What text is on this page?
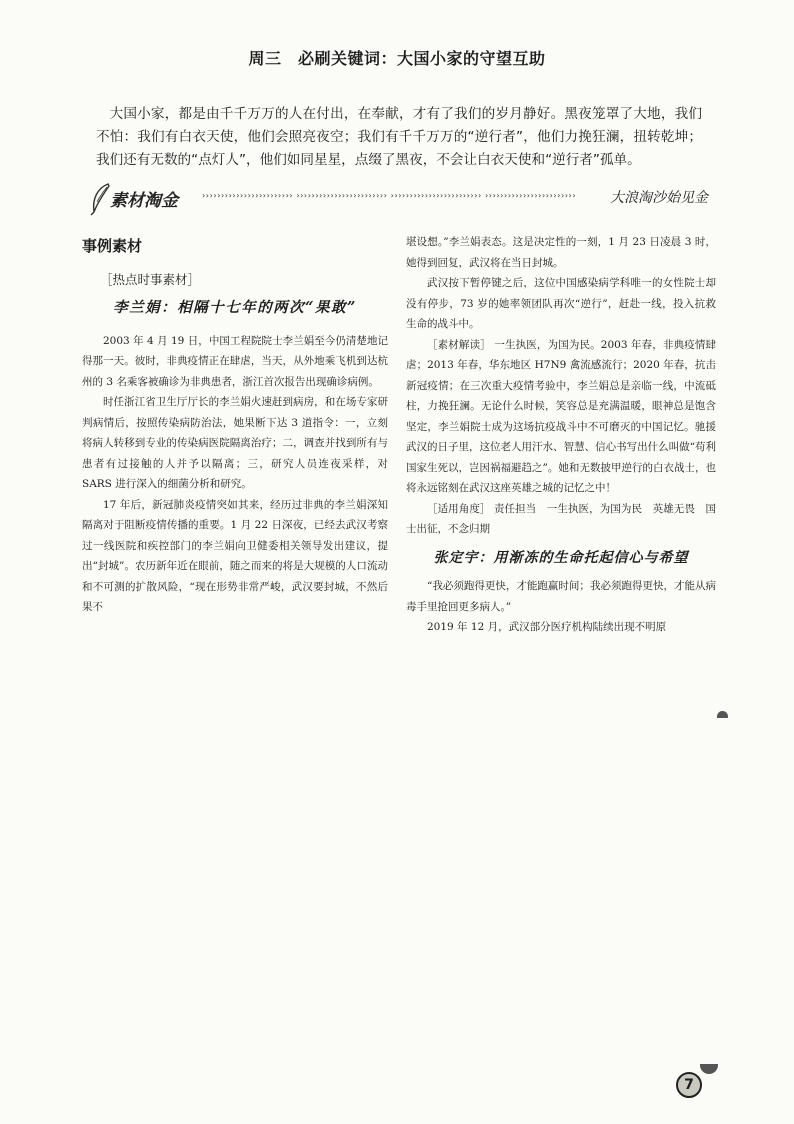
周三　必刷关键词：大国小家的守望互助
大国小家，都是由千千万万的人在付出，在奉献，才有了我们的岁月静好。黑夜笼罩了大地，我们不怕：我们有白衣天使，他们会照亮夜空；我们有千千万万的“逆行者”，他们力挽狂澜，扭转乾坤；我们还有无数的“点灯人”，他们如同星星，点缀了黑夜，不会让白衣天使和“逆行者”孤单。
素材淘金	›››››››››››››››››››››››› ›››››››››››››››››››››››› ›››››››››››››››››››››››› ›››››››››››››››››››››››› 大浪淘沙始见金
事例素材
［热点时事素材］
李兰娟：相隔十七年的两次“果敢”

2003 年 4 月 19 日，中国工程院院士李兰娟至今仍清楚地记得那一天。彼时，非典疫情正在肆虐，当天，从外地乘飞机到达杭州的 3 名乘客被确诊为非典患者，浙江首次报告出现确诊病例。

时任浙江省卫生厅厅长的李兰娟火速赶到病房，和在场专家研判病情后，按照传染病防治法，她果断下达 3 道指令：一，立刻将病人转移到专业的传染病医院隔离治疗；二，调查并找到所有与患者有过接触的人并予以隔离；三，研究人员连夜采样，对 SARS 进行深入的细菌分析和研究。

17 年后，新冠肺炎疫情突如其来，经历过非典的李兰娟深知隔离对于阻断疫情传播的重要。1 月 22 日深夜，已经去武汉考察过一线医院和疾控部门的李兰娟向卫健委相关领导发出建议，提出“封城”。农历新年近在眼前，随之而来的将是大规模的人口流动和不可测的扩散风险，“现在形势非常严峻，武汉要封城，不然后果不

堪设想。”李兰娟表态。这是决定性的一刻，1 月 23 日凌晨 3 时，她得到回复，武汉将在当日封城。

武汉按下暂停键之后，这位中国感染病学科唯一的女性院士却没有停步，73 岁的她率领团队再次“逆行”，赶赴一线，投入抗救生命的战斗中。

［素材解读］ 一生执医，为国为民。2003 年春，非典疫情肆虐；2013 年春，华东地区 H7N9 禽流感流行；2020 年春，抗击新冠疫情；在三次重大疫情考验中，李兰娟总是亲临一线，中流砥柱，力挽狂澜。无论什么时候，笑容总是充满温暖，眼神总是饱含坚定，李兰娟院士成为这场抗疫战斗中不可磨灭的中国记忆。驰援武汉的日子里，这位老人用汗水、智慧、信心书写出什么叫做“苟利国家生死以，岂因祸福避趋之”。她和无数披甲逆行的白衣战士，也将永远铭刻在武汉这座英雄之城的记忆之中！

［适用角度］ 责任担当　一生执医，为国为民　英雄无畏　国士出征，不念归期

张定宇：用渐冻的生命托起信心与希望

“我必须跑得更快，才能跑赢时间；我必须跑得更快，才能从病毒手里抢回更多病人。”

2019 年 12 月，武汉部分医疗机构陆续出现不明原

7
